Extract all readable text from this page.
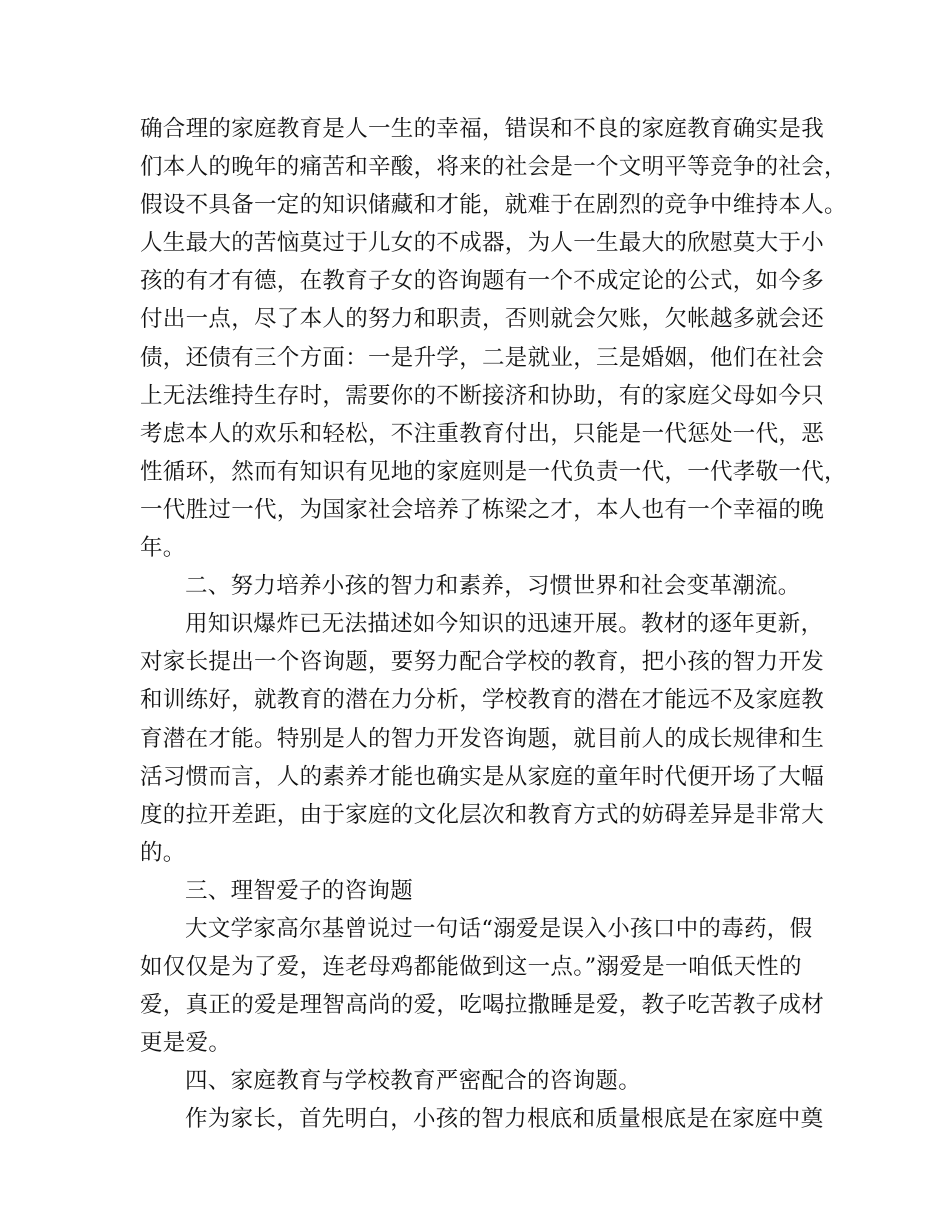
确合理的家庭教育是人一生的幸福，错误和不良的家庭教育确实是我
们本人的晚年的痛苦和辛酸，将来的社会是一个文明平等竞争的社会，
假设不具备一定的知识储藏和才能，就难于在剧烈的竞争中维持本人。
人生最大的苦恼莫过于儿女的不成器，为人一生最大的欣慰莫大于小
孩的有才有德，在教育子女的咨询题有一个不成定论的公式，如今多
付出一点，尽了本人的努力和职责，否则就会欠账，欠帐越多就会还
债，还债有三个方面：一是升学，二是就业，三是婚姻，他们在社会
上无法维持生存时，需要你的不断接济和协助，有的家庭父母如今只
考虑本人的欢乐和轻松，不注重教育付出，只能是一代惩处一代，恶
性循环，然而有知识有见地的家庭则是一代负责一代，一代孝敬一代，
一代胜过一代，为国家社会培养了栋梁之才，本人也有一个幸福的晚
年。

二、努力培养小孩的智力和素养，习惯世界和社会变革潮流。

用知识爆炸已无法描述如今知识的迅速开展。教材的逐年更新，
对家长提出一个咨询题，要努力配合学校的教育，把小孩的智力开发
和训练好，就教育的潜在力分析，学校教育的潜在才能远不及家庭教
育潜在才能。特别是人的智力开发咨询题，就目前人的成长规律和生
活习惯而言，人的素养才能也确实是从家庭的童年时代便开场了大幅
度的拉开差距，由于家庭的文化层次和教育方式的妨碍差异是非常大
的。

三、理智爱子的咨询题

大文学家高尔基曾说过一句话“溺爱是误入小孩口中的毒药，假
如仅仅是为了爱，连老母鸡都能做到这一点。”溺爱是一咱低天性的
爱，真正的爱是理智高尚的爱，吃喝拉撒睡是爱，教子吃苦教子成材
更是爱。

四、家庭教育与学校教育严密配合的咨询题。

作为家长，首先明白，小孩的智力根底和质量根底是在家庭中奠
